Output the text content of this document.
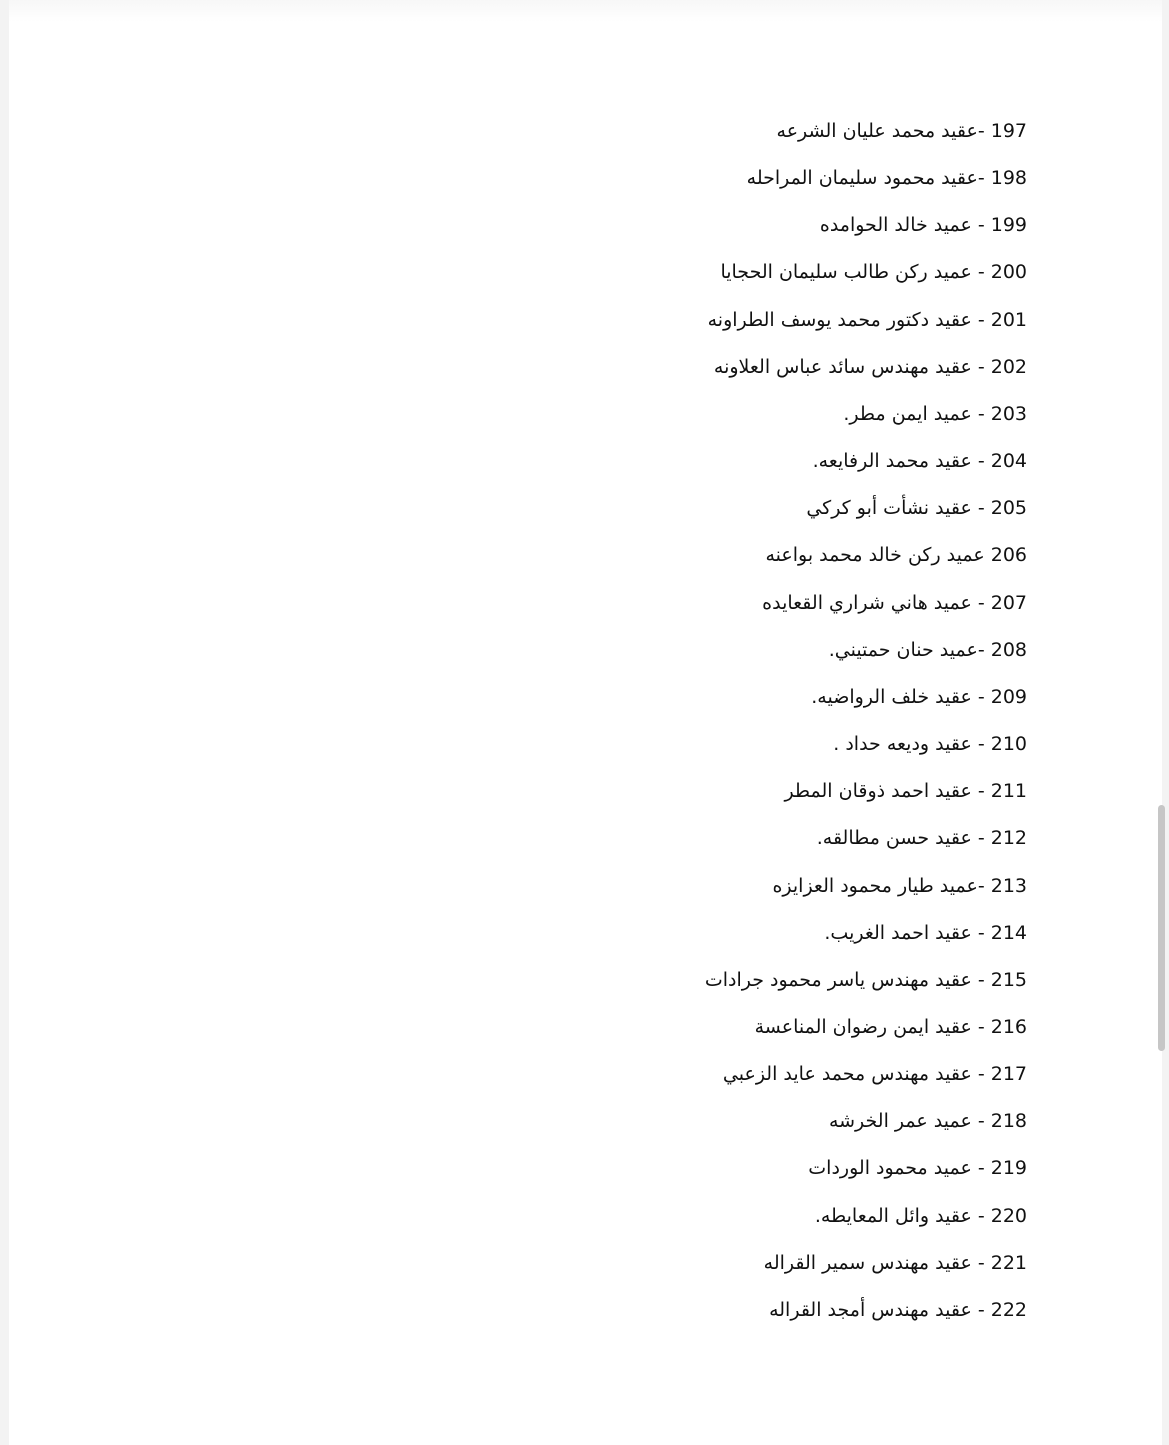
197 -عقيد محمد عليان الشرعه
198 -عقيد محمود سليمان المراحله
199 - عميد خالد الحوامده
200 - عميد ركن طالب سليمان الحجايا
201 - عقيد دكتور محمد يوسف الطراونه
202 - عقيد مهندس سائد عباس العلاونه
203 - عميد ايمن مطر.
204 - عقيد محمد الرفايعه.
205 - عقيد نشأت أبو كركي
206 عميد ركن خالد محمد بواعنه
207 - عميد هاني شراري القعايده
208 -عميد حنان حمتيني.
209 - عقيد خلف الرواضيه.
210 - عقيد وديعه حداد .
211 - عقيد احمد ذوقان المطر
212 - عقيد حسن مطالقه.
213 -عميد طيار محمود العزايزه
214 - عقيد احمد الغريب.
215 - عقيد مهندس ياسر محمود جرادات
216 - عقيد ايمن رضوان المناعسة
217 - عقيد مهندس محمد عايد الزعبي
218 - عميد عمر الخرشه
219 - عميد محمود الوردات
220 - عقيد وائل المعايطه.
221 - عقيد مهندس سمير القراله
222 - عقيد مهندس أمجد القراله
